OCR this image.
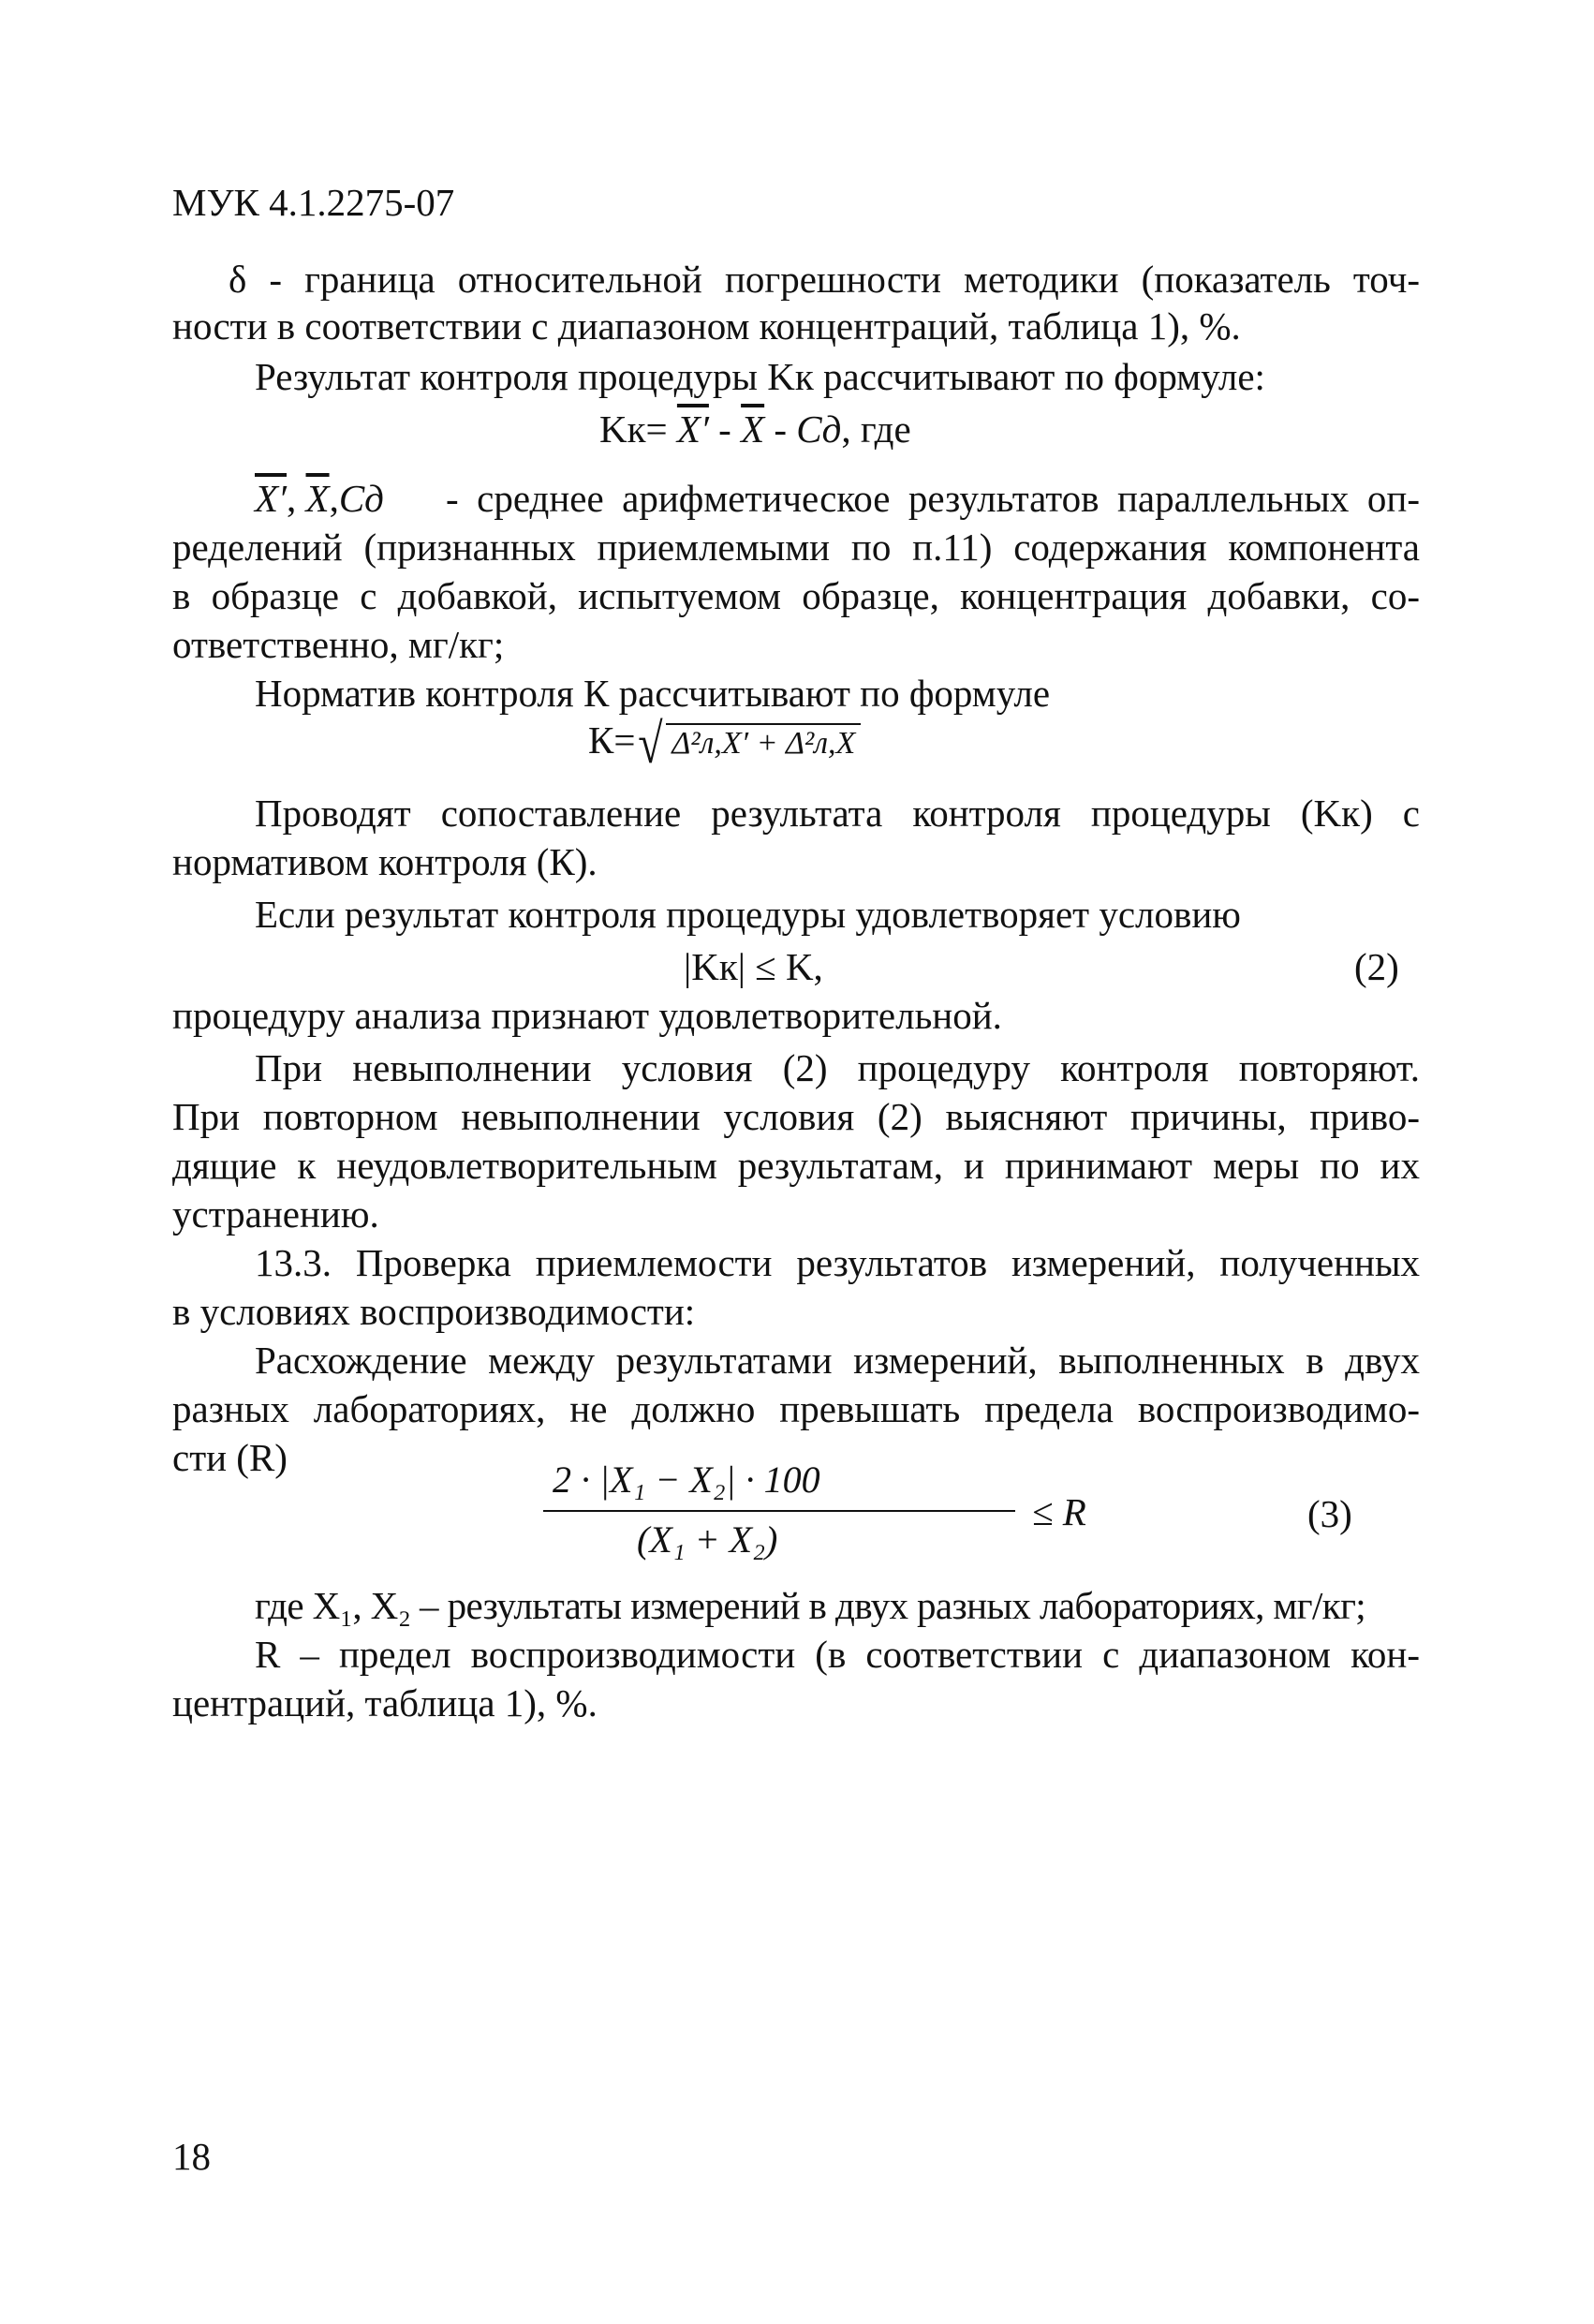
МУК 4.1.2275-07
δ - граница относительной погрешности методики (показатель точ-
ности в соответствии с диапазоном концентраций, таблица 1), %.
Результат контроля процедуры Kк рассчитывают по формуле:
$Kк= X' - \overline{X}$ - Cд, где
X′, $\overline{X},Cд$ - среднее арифметическое результатов параллельных оп-
ределений (признанных приемлемыми по п.11) содержания компонента
в образце с добавкой, испытуемом образце, концентрация добавки, со-
ответственно, мг/кг;
Норматив контроля К рассчитывают по формуле
К=√ Δ²л,X′ + Δ²л,X
Проводят сопоставление результата контроля процедуры (Kк) с
нормативом контроля (К).
Если результат контроля процедуры удовлетворяет условию
|Kк| ≤ K,	(2)
процедуру анализа признают удовлетворительной.
При невыполнении условия (2) процедуру контроля повторяют.
При повторном невыполнении условия (2) выясняют причины, приво-
дящие к неудовлетворительным результатам, и принимают меры по их
устранению.
13.3. Проверка приемлемости результатов измерений, полученных
в условиях воспроизводимости:
Расхождение между результатами измерений, выполненных в двух
разных лабораториях, не должно превышать предела воспроизводимо-
сти (R)
2 · |X₁ − X₂| · 100
(X₁ + X₂)
≤ R	(3)
где X₁, X₂ – результаты измерений в двух разных лабораториях, мг/кг;
R – предел воспроизводимости (в соответствии с диапазоном кон-
центраций, таблица 1), %.
18
